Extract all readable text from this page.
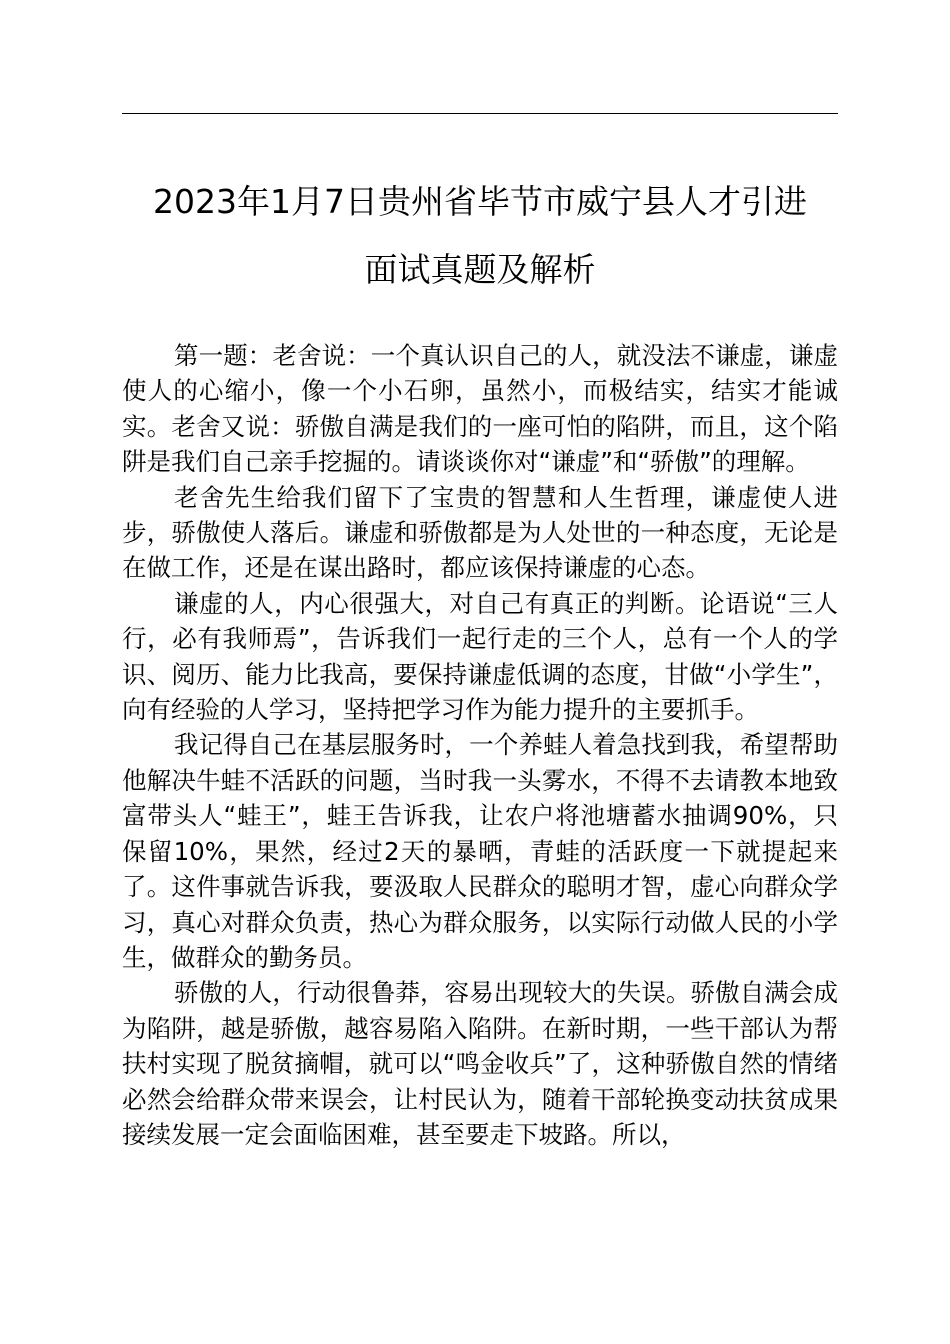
2023年1月7日贵州省毕节市威宁县人才引进
面试真题及解析

第一题：老舍说：一个真认识自己的人，就没法不谦虚，谦虚使人的心缩小，像一个小石卵，虽然小，而极结实，结实才能诚实。老舍又说：骄傲自满是我们的一座可怕的陷阱，而且，这个陷阱是我们自己亲手挖掘的。请谈谈你对“谦虚”和“骄傲”的理解。

老舍先生给我们留下了宝贵的智慧和人生哲理，谦虚使人进步，骄傲使人落后。谦虚和骄傲都是为人处世的一种态度，无论是在做工作，还是在谋出路时，都应该保持谦虚的心态。

谦虚的人，内心很强大，对自己有真正的判断。论语说“三人行，必有我师焉”，告诉我们一起行走的三个人，总有一个人的学识、阅历、能力比我高，要保持谦虚低调的态度，甘做“小学生”，向有经验的人学习，坚持把学习作为能力提升的主要抓手。

我记得自己在基层服务时，一个养蛙人着急找到我，希望帮助他解决牛蛙不活跃的问题，当时我一头雾水，不得不去请教本地致富带头人“蛙王”，蛙王告诉我，让农户将池塘蓄水抽调90%，只保留10%，果然，经过2天的暴晒，青蛙的活跃度一下就提起来了。这件事就告诉我，要汲取人民群众的聪明才智，虚心向群众学习，真心对群众负责，热心为群众服务，以实际行动做人民的小学生，做群众的勤务员。

骄傲的人，行动很鲁莽，容易出现较大的失误。骄傲自满会成为陷阱，越是骄傲，越容易陷入陷阱。在新时期，一些干部认为帮扶村实现了脱贫摘帽，就可以“鸣金收兵”了，这种骄傲自然的情绪必然会给群众带来误会，让村民认为，随着干部轮换变动扶贫成果接续发展一定会面临困难，甚至要走下坡路。所以，
